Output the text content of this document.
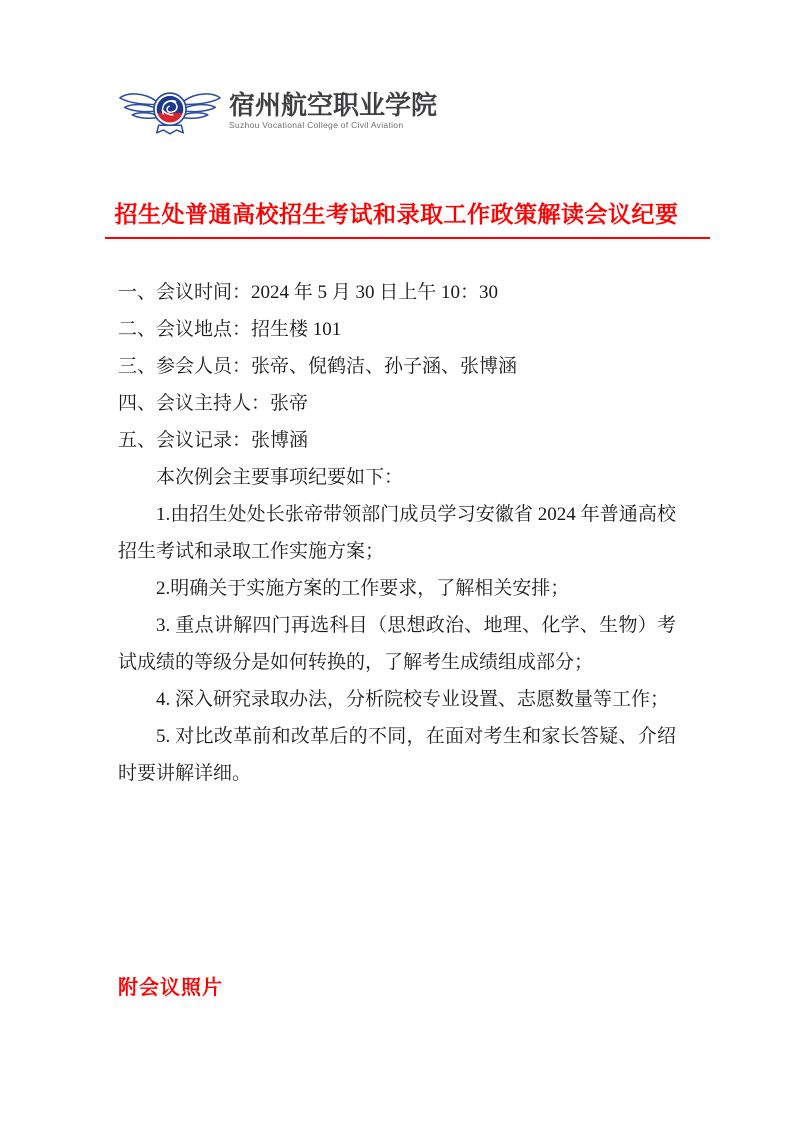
宿州航空职业学院
Suzhou Vocational College of Civil Aviation
招生处普通高校招生考试和录取工作政策解读会议纪要

一、会议时间：2024 年 5 月 30 日上午 10：30

二、会议地点：招生楼 101

三、参会人员：张帝、倪鹤洁、孙子涵、张博涵

四、会议主持人：张帝

五、会议记录：张博涵

本次例会主要事项纪要如下：

1.由招生处处长张帝带领部门成员学习安徽省 2024 年普通高校招生考试和录取工作实施方案；

2.明确关于实施方案的工作要求，了解相关安排；

3. 重点讲解四门再选科目（思想政治、地理、化学、生物）考试成绩的等级分是如何转换的，了解考生成绩组成部分；

4. 深入研究录取办法，分析院校专业设置、志愿数量等工作；

5. 对比改革前和改革后的不同，在面对考生和家长答疑、介绍时要讲解详细。

附会议照片
